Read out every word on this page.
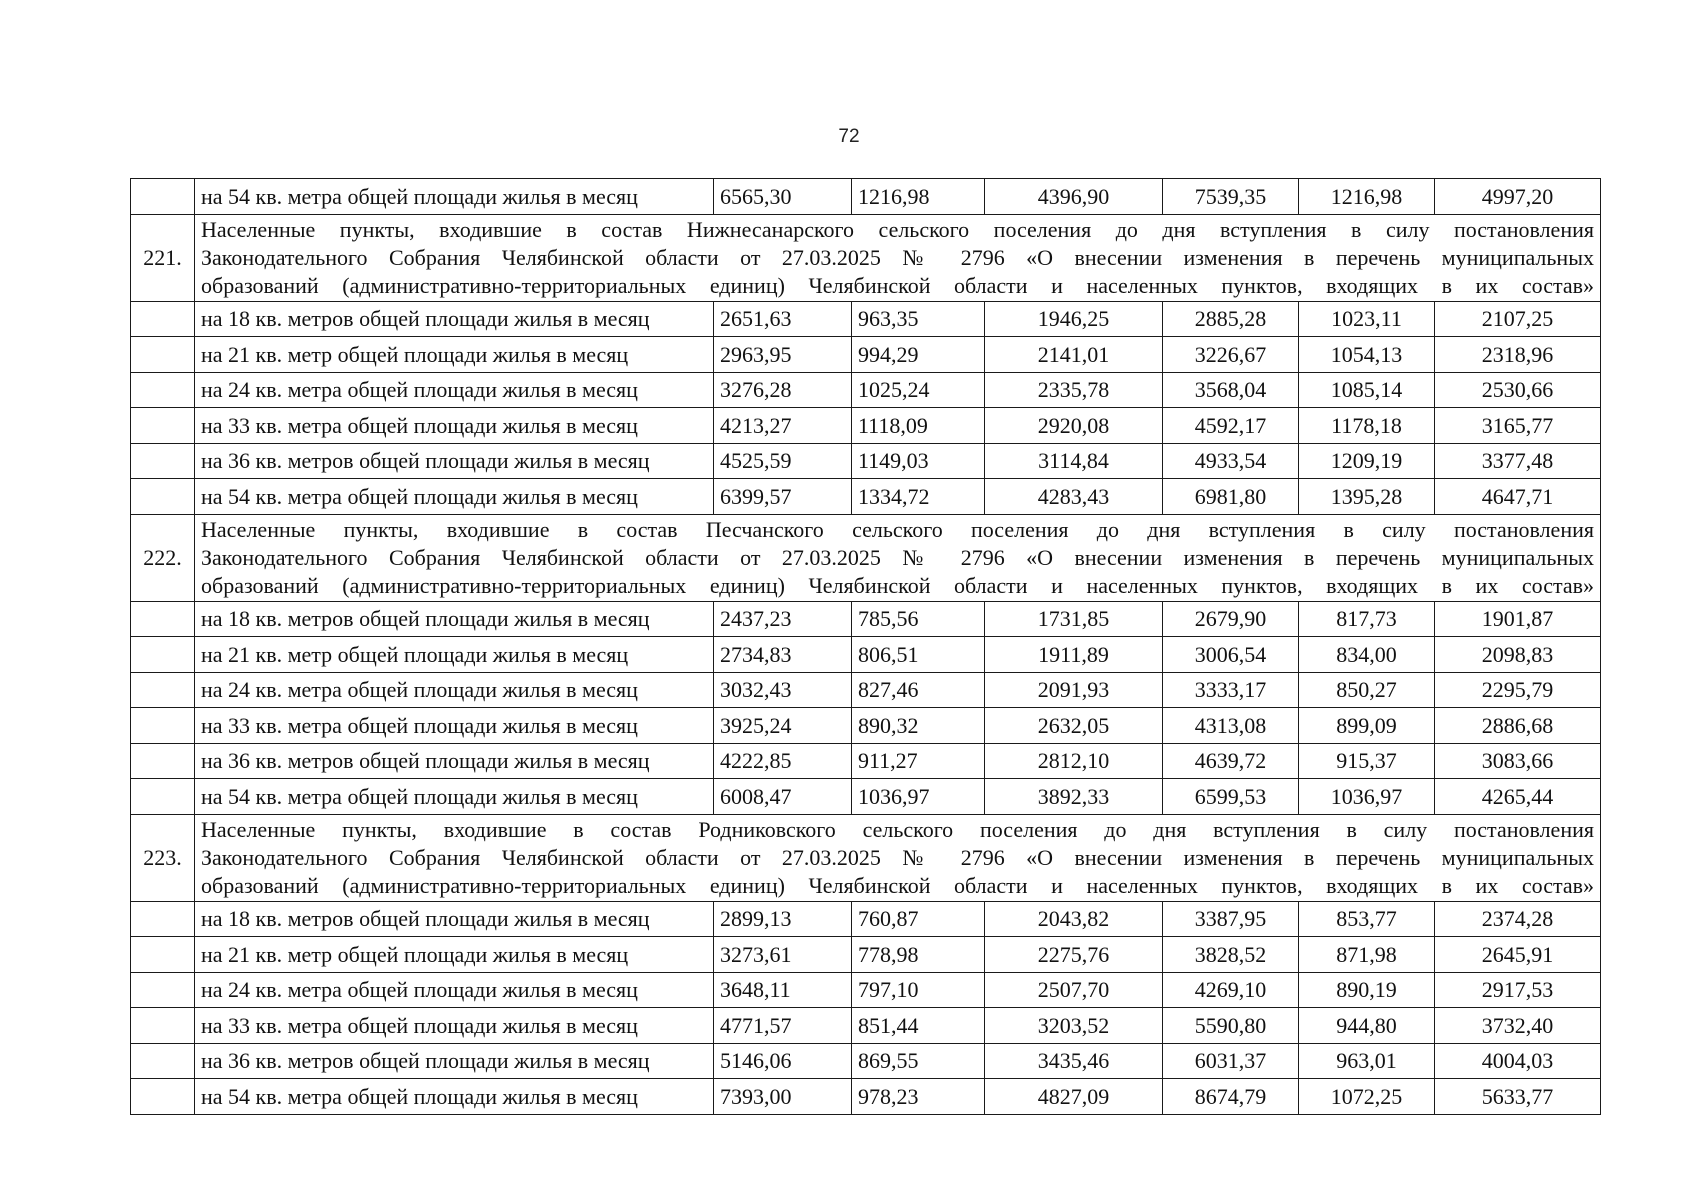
72
	на 54 кв. метра общей площади жилья в месяц	6565,30	1216,98	4396,90	7539,35	1216,98	4997,20
221.	Населенные пункты, входившие в состав Нижнесанарского сельского поселения до дня вступления в силу постановления
Законодательного Собрания Челябинской области от 27.03.2025 № 2796 «О внесении изменения в перечень муниципальных
образований (административно-территориальных единиц) Челябинской области и населенных пунктов, входящих в их состав»						

	на 18 кв. метров общей площади жилья в месяц	2651,63	963,35	1946,25	2885,28	1023,11	2107,25
	на 21 кв. метр общей площади жилья в месяц	2963,95	994,29	2141,01	3226,67	1054,13	2318,96
	на 24 кв. метра общей площади жилья в месяц	3276,28	1025,24	2335,78	3568,04	1085,14	2530,66
	на 33 кв. метра общей площади жилья в месяц	4213,27	1118,09	2920,08	4592,17	1178,18	3165,77
	на 36 кв. метров общей площади жилья в месяц	4525,59	1149,03	3114,84	4933,54	1209,19	3377,48
	на 54 кв. метра общей площади жилья в месяц	6399,57	1334,72	4283,43	6981,80	1395,28	4647,71
222.	Населенные пункты, входившие в состав Песчанского сельского поселения до дня вступления в силу постановления
Законодательного Собрания Челябинской области от 27.03.2025 № 2796 «О внесении изменения в перечень муниципальных
образований (административно-территориальных единиц) Челябинской области и населенных пунктов, входящих в их состав»						

	на 18 кв. метров общей площади жилья в месяц	2437,23	785,56	1731,85	2679,90	817,73	1901,87
	на 21 кв. метр общей площади жилья в месяц	2734,83	806,51	1911,89	3006,54	834,00	2098,83
	на 24 кв. метра общей площади жилья в месяц	3032,43	827,46	2091,93	3333,17	850,27	2295,79
	на 33 кв. метра общей площади жилья в месяц	3925,24	890,32	2632,05	4313,08	899,09	2886,68
	на 36 кв. метров общей площади жилья в месяц	4222,85	911,27	2812,10	4639,72	915,37	3083,66
	на 54 кв. метра общей площади жилья в месяц	6008,47	1036,97	3892,33	6599,53	1036,97	4265,44
223.	Населенные пункты, входившие в состав Родниковского сельского поселения до дня вступления в силу постановления
Законодательного Собрания Челябинской области от 27.03.2025 № 2796 «О внесении изменения в перечень муниципальных
образований (административно-территориальных единиц) Челябинской области и населенных пунктов, входящих в их состав»						

	на 18 кв. метров общей площади жилья в месяц	2899,13	760,87	2043,82	3387,95	853,77	2374,28
	на 21 кв. метр общей площади жилья в месяц	3273,61	778,98	2275,76	3828,52	871,98	2645,91
	на 24 кв. метра общей площади жилья в месяц	3648,11	797,10	2507,70	4269,10	890,19	2917,53
	на 33 кв. метра общей площади жилья в месяц	4771,57	851,44	3203,52	5590,80	944,80	3732,40
	на 36 кв. метров общей площади жилья в месяц	5146,06	869,55	3435,46	6031,37	963,01	4004,03
	на 54 кв. метра общей площади жилья в месяц	7393,00	978,23	4827,09	8674,79	1072,25	5633,77
